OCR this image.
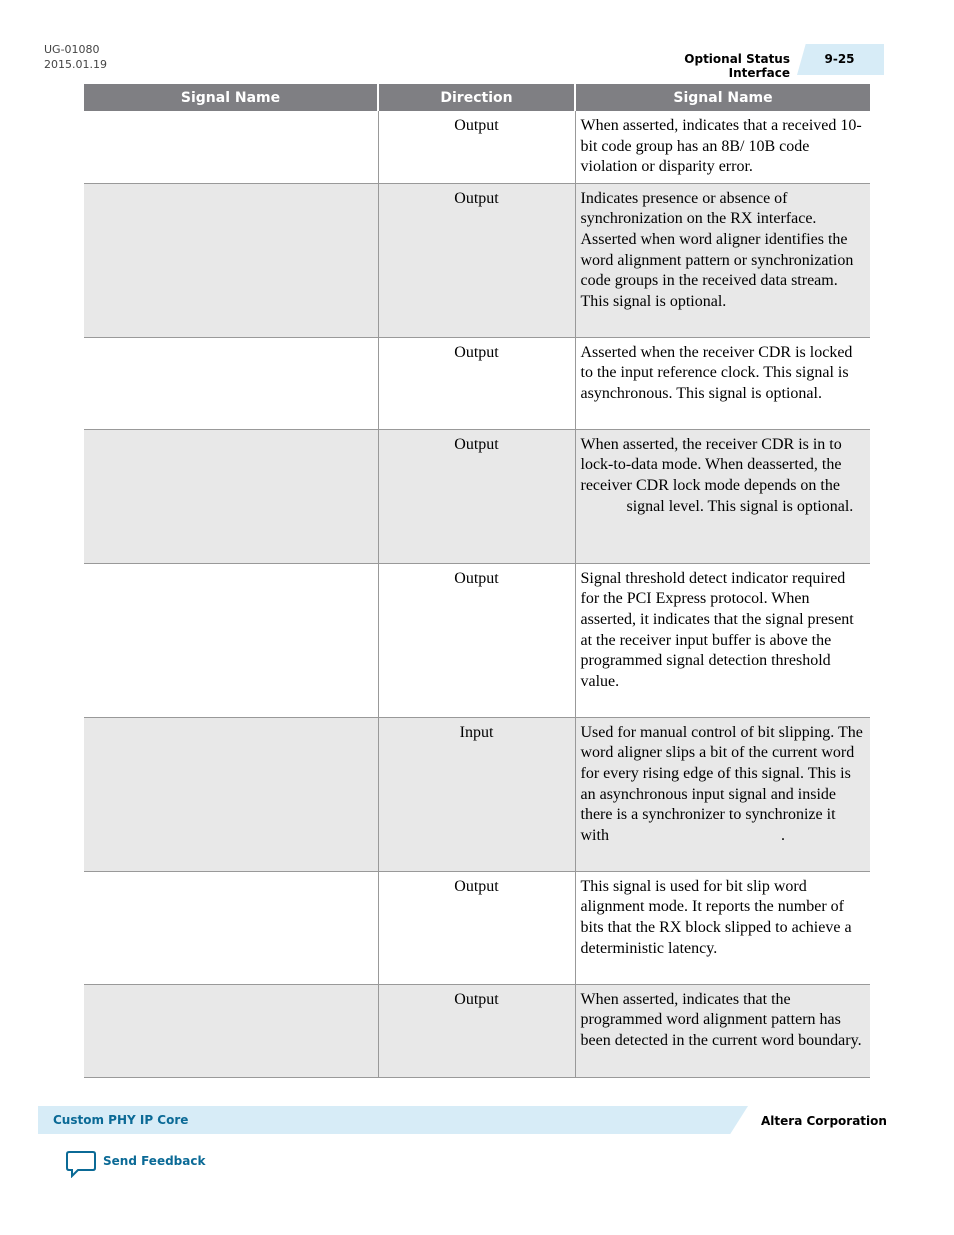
UG-01080
2015.01.19	Optional Status Interface
9-25
Signal Name	Direction	Signal Name
	Output	When asserted, indicates that a received 10-bit code group has an 8B/ 10B code violation or disparity error.
	Output	Indicates presence or absence of synchronization on the RX interface. Asserted when word aligner identifies the word alignment pattern or synchronization code groups in the received data stream. This signal is optional.
	Output	Asserted when the receiver CDR is locked to the input reference clock. This signal is asynchronous. This signal is optional.
	Output	When asserted, the receiver CDR is in to lock-to-data mode. When deasserted, the receiver CDR lock mode depends on the
signal level. This signal is optional.

	Output	Signal threshold detect indicator required for the PCI Express protocol. When asserted, it indicates that the signal present at the receiver input buffer is above the programmed signal detection threshold value.
	Input	Used for manual control of bit slipping. The word aligner slips a bit of the current word for every rising edge of this signal. This is an asynchronous input signal and inside there is a synchronizer to synchronize it with .
	Output	This signal is used for bit slip word alignment mode. It reports the number of bits that the RX block slipped to achieve a deterministic latency.
	Output	When asserted, indicates that the programmed word alignment pattern has been detected in the current word boundary.
Custom PHY IP Core	Altera Corporation
Send Feedback
